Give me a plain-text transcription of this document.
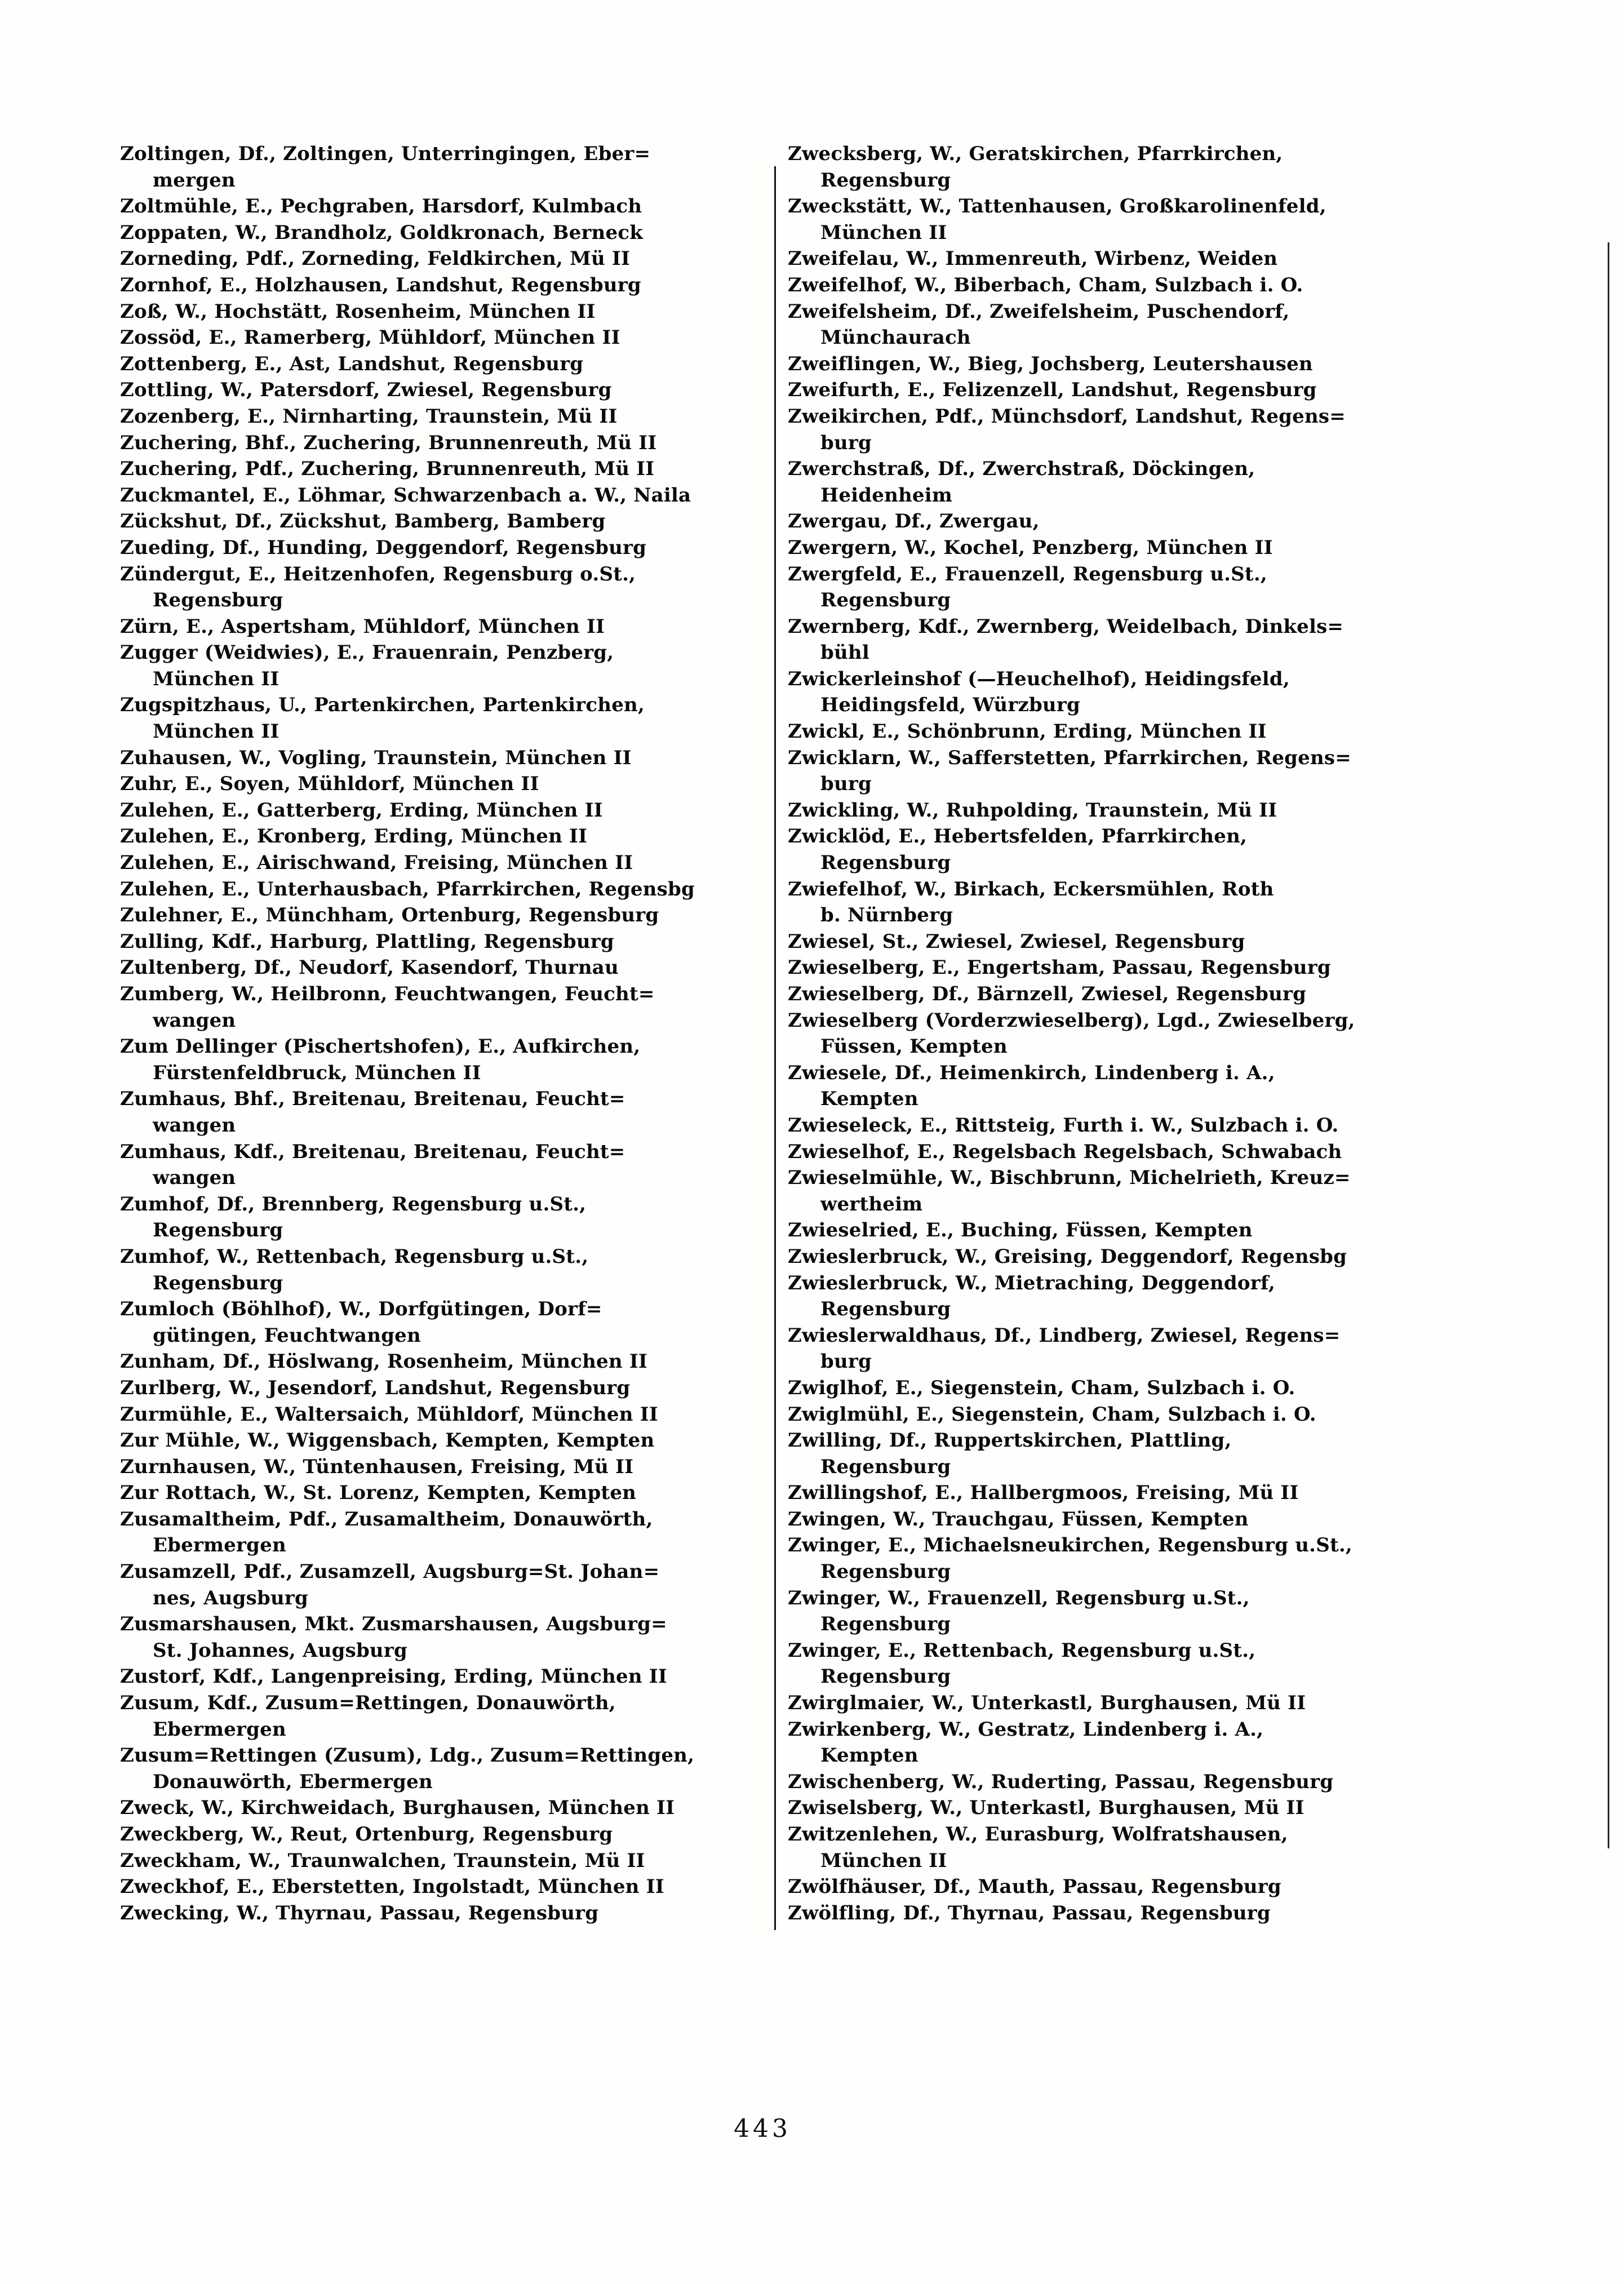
Zoltingen, Df., Zoltingen, Unterringingen, Eber=
mergen
Zoltmühle, E., Pechgraben, Harsdorf, Kulmbach
Zoppaten, W., Brandholz, Goldkronach, Berneck
Zorneding, Pdf., Zorneding, Feldkirchen, Mü II
Zornhof, E., Holzhausen, Landshut, Regensburg
Zoß, W., Hochstätt, Rosenheim, München II
Zossöd, E., Ramerberg, Mühldorf, München II
Zottenberg, E., Ast, Landshut, Regensburg
Zottling, W., Patersdorf, Zwiesel, Regensburg
Zozenberg, E., Nirnharting, Traunstein, Mü II
Zuchering, Bhf., Zuchering, Brunnenreuth, Mü II
Zuchering, Pdf., Zuchering, Brunnenreuth, Mü II
Zuckmantel, E., Löhmar, Schwarzenbach a. W., Naila
Zückshut, Df., Zückshut, Bamberg, Bamberg
Zueding, Df., Hunding, Deggendorf, Regensburg
Zündergut, E., Heitzenhofen, Regensburg o.St.,
Regensburg
Zürn, E., Aspertsham, Mühldorf, München II
Zugger (Weidwies), E., Frauenrain, Penzberg,
München II
Zugspitzhaus, U., Partenkirchen, Partenkirchen,
München II
Zuhausen, W., Vogling, Traunstein, München II
Zuhr, E., Soyen, Mühldorf, München II
Zulehen, E., Gatterberg, Erding, München II
Zulehen, E., Kronberg, Erding, München II
Zulehen, E., Airischwand, Freising, München II
Zulehen, E., Unterhausbach, Pfarrkirchen, Regensbg
Zulehner, E., Münchham, Ortenburg, Regensburg
Zulling, Kdf., Harburg, Plattling, Regensburg
Zultenberg, Df., Neudorf, Kasendorf, Thurnau
Zumberg, W., Heilbronn, Feuchtwangen, Feucht=
wangen
Zum Dellinger (Pischertshofen), E., Aufkirchen,
Fürstenfeldbruck, München II
Zumhaus, Bhf., Breitenau, Breitenau, Feucht=
wangen
Zumhaus, Kdf., Breitenau, Breitenau, Feucht=
wangen
Zumhof, Df., Brennberg, Regensburg u.St.,
Regensburg
Zumhof, W., Rettenbach, Regensburg u.St.,
Regensburg
Zumloch (Böhlhof), W., Dorfgütingen, Dorf=
gütingen, Feuchtwangen
Zunham, Df., Höslwang, Rosenheim, München II
Zurlberg, W., Jesendorf, Landshut, Regensburg
Zurmühle, E., Waltersaich, Mühldorf, München II
Zur Mühle, W., Wiggensbach, Kempten, Kempten
Zurnhausen, W., Tüntenhausen, Freising, Mü II
Zur Rottach, W., St. Lorenz, Kempten, Kempten
Zusamaltheim, Pdf., Zusamaltheim, Donauwörth,
Ebermergen
Zusamzell, Pdf., Zusamzell, Augsburg=St. Johan=
nes, Augsburg
Zusmarshausen, Mkt. Zusmarshausen, Augsburg=
St. Johannes, Augsburg
Zustorf, Kdf., Langenpreising, Erding, München II
Zusum, Kdf., Zusum=Rettingen, Donauwörth,
Ebermergen
Zusum=Rettingen (Zusum), Ldg., Zusum=Rettingen,
Donauwörth, Ebermergen
Zweck, W., Kirchweidach, Burghausen, München II
Zweckberg, W., Reut, Ortenburg, Regensburg
Zweckham, W., Traunwalchen, Traunstein, Mü II
Zweckhof, E., Eberstetten, Ingolstadt, München II
Zwecking, W., Thyrnau, Passau, Regensburg
Zwecksberg, W., Geratskirchen, Pfarrkirchen,
Regensburg
Zweckstätt, W., Tattenhausen, Großkarolinenfeld,
München II
Zweifelau, W., Immenreuth, Wirbenz, Weiden
Zweifelhof, W., Biberbach, Cham, Sulzbach i. O.
Zweifelsheim, Df., Zweifelsheim, Puschendorf,
Münchaurach
Zweiflingen, W., Bieg, Jochsberg, Leutershausen
Zweifurth, E., Felizenzell, Landshut, Regensburg
Zweikirchen, Pdf., Münchsdorf, Landshut, Regens=
burg
Zwerchstraß, Df., Zwerchstraß, Döckingen,
Heidenheim
Zwergau, Df., Zwergau,
Zwergern, W., Kochel, Penzberg, München II
Zwergfeld, E., Frauenzell, Regensburg u.St.,
Regensburg
Zwernberg, Kdf., Zwernberg, Weidelbach, Dinkels=
bühl
Zwickerleinshof (—Heuchelhof), Heidingsfeld,
Heidingsfeld, Würzburg
Zwickl, E., Schönbrunn, Erding, München II
Zwicklarn, W., Safferstetten, Pfarrkirchen, Regens=
burg
Zwickling, W., Ruhpolding, Traunstein, Mü II
Zwicklöd, E., Hebertsfelden, Pfarrkirchen,
Regensburg
Zwiefelhof, W., Birkach, Eckersmühlen, Roth
b. Nürnberg
Zwiesel, St., Zwiesel, Zwiesel, Regensburg
Zwieselberg, E., Engertsham, Passau, Regensburg
Zwieselberg, Df., Bärnzell, Zwiesel, Regensburg
Zwieselberg (Vorderzwieselberg), Lgd., Zwieselberg,
Füssen, Kempten
Zwiesele, Df., Heimenkirch, Lindenberg i. A.,
Kempten
Zwieseleck, E., Rittsteig, Furth i. W., Sulzbach i. O.
Zwieselhof, E., Regelsbach Regelsbach, Schwabach
Zwieselmühle, W., Bischbrunn, Michelrieth, Kreuz=
wertheim
Zwieselried, E., Buching, Füssen, Kempten
Zwieslerbruck, W., Greising, Deggendorf, Regensbg
Zwieslerbruck, W., Mietraching, Deggendorf,
Regensburg
Zwieslerwaldhaus, Df., Lindberg, Zwiesel, Regens=
burg
Zwiglhof, E., Siegenstein, Cham, Sulzbach i. O.
Zwiglmühl, E., Siegenstein, Cham, Sulzbach i. O.
Zwilling, Df., Ruppertskirchen, Plattling,
Regensburg
Zwillingshof, E., Hallbergmoos, Freising, Mü II
Zwingen, W., Trauchgau, Füssen, Kempten
Zwinger, E., Michaelsneukirchen, Regensburg u.St.,
Regensburg
Zwinger, W., Frauenzell, Regensburg u.St.,
Regensburg
Zwinger, E., Rettenbach, Regensburg u.St.,
Regensburg
Zwirglmaier, W., Unterkastl, Burghausen, Mü II
Zwirkenberg, W., Gestratz, Lindenberg i. A.,
Kempten
Zwischenberg, W., Ruderting, Passau, Regensburg
Zwiselsberg, W., Unterkastl, Burghausen, Mü II
Zwitzenlehen, W., Eurasburg, Wolfratshausen,
München II
Zwölfhäuser, Df., Mauth, Passau, Regensburg
Zwölfling, Df., Thyrnau, Passau, Regensburg
443
